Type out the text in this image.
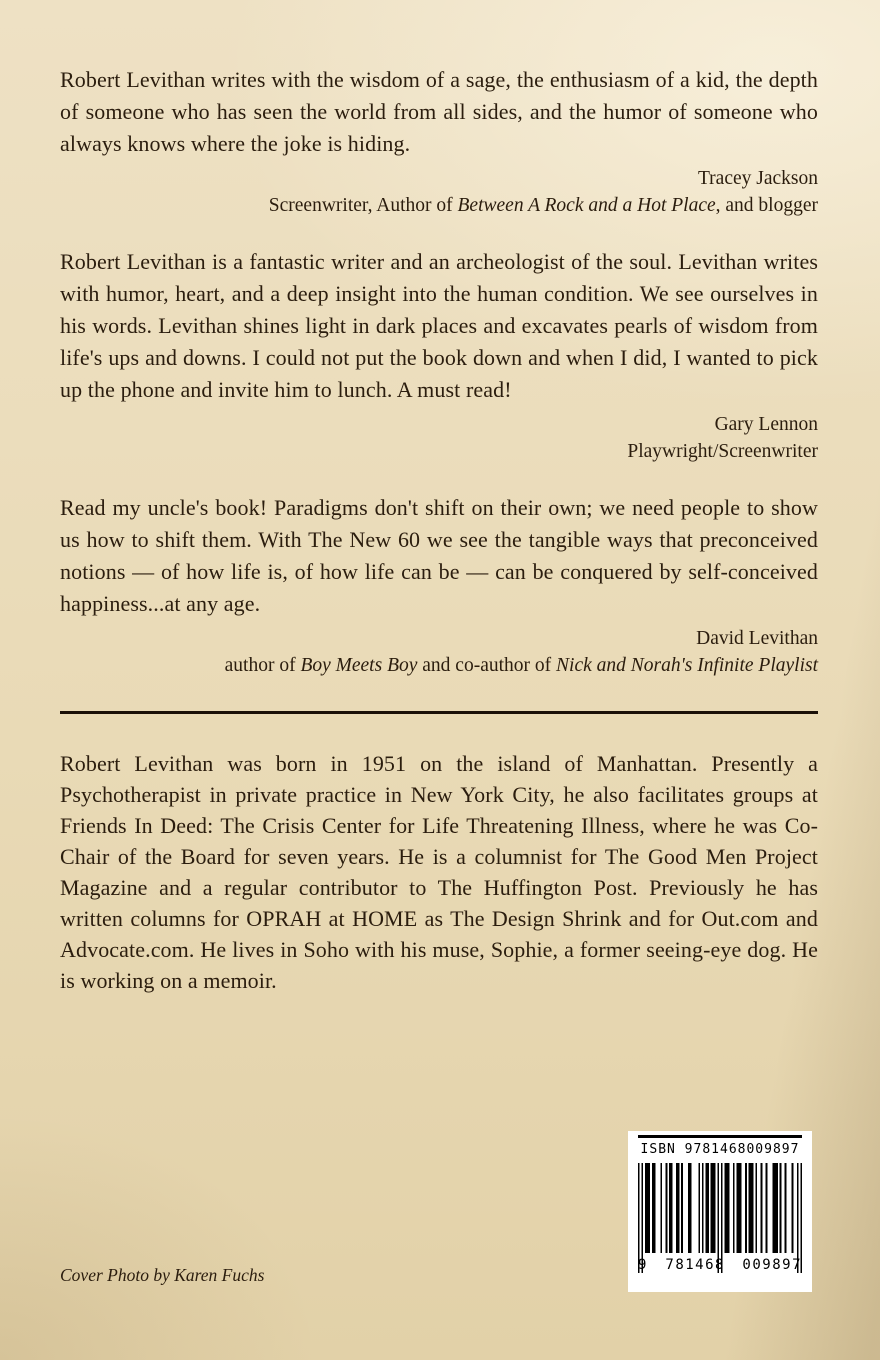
Robert Levithan writes with the wisdom of a sage, the enthusiasm of a kid, the depth of someone who has seen the world from all sides, and the humor of someone who always knows where the joke is hiding.

Tracey Jackson
Screenwriter, Author of Between A Rock and a Hot Place, and blogger

Robert Levithan is a fantastic writer and an archeologist of the soul. Levithan writes with humor, heart, and a deep insight into the human condition. We see ourselves in his words. Levithan shines light in dark places and excavates pearls of wisdom from life's ups and downs. I could not put the book down and when I did, I wanted to pick up the phone and invite him to lunch. A must read!

Gary Lennon
Playwright/Screenwriter

Read my uncle's book! Paradigms don't shift on their own; we need people to show us how to shift them. With The New 60 we see the tangible ways that preconceived notions — of how life is, of how life can be — can be conquered by self-conceived happiness...at any age.

David Levithan
author of Boy Meets Boy and co-author of Nick and Norah's Infinite Playlist

Robert Levithan was born in 1951 on the island of Manhattan. Presently a Psychotherapist in private practice in New York City, he also facilitates groups at Friends In Deed: The Crisis Center for Life Threatening Illness, where he was Co-Chair of the Board for seven years. He is a columnist for The Good Men Project Magazine and a regular contributor to The Huffington Post. Previously he has written columns for OPRAH at HOME as The Design Shrink and for Out.com and Advocate.com. He lives in Soho with his muse, Sophie, a former seeing-eye dog. He is working on a memoir.

ISBN 9781468009897
9 781468 009897
Cover Photo by Karen Fuchs
